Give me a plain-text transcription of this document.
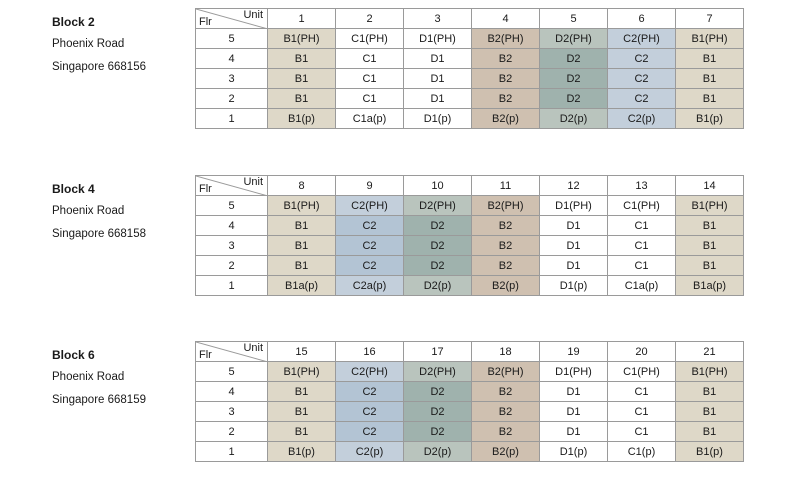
Block 2
Phoenix Road
Singapore 668156
Unit
Flr	1	2	3	4	5	6	7
5	B1(PH)	C1(PH)	D1(PH)	B2(PH)	D2(PH)	C2(PH)	B1(PH)
4	B1	C1	D1	B2	D2	C2	B1
3	B1	C1	D1	B2	D2	C2	B1
2	B1	C1	D1	B2	D2	C2	B1
1	B1(p)	C1a(p)	D1(p)	B2(p)	D2(p)	C2(p)	B1(p)
Block 4
Phoenix Road
Singapore 668158
Unit
Flr	8	9	10	11	12	13	14
5	B1(PH)	C2(PH)	D2(PH)	B2(PH)	D1(PH)	C1(PH)	B1(PH)
4	B1	C2	D2	B2	D1	C1	B1
3	B1	C2	D2	B2	D1	C1	B1
2	B1	C2	D2	B2	D1	C1	B1
1	B1a(p)	C2a(p)	D2(p)	B2(p)	D1(p)	C1a(p)	B1a(p)
Block 6
Phoenix Road
Singapore 668159
Unit
Flr	15	16	17	18	19	20	21
5	B1(PH)	C2(PH)	D2(PH)	B2(PH)	D1(PH)	C1(PH)	B1(PH)
4	B1	C2	D2	B2	D1	C1	B1
3	B1	C2	D2	B2	D1	C1	B1
2	B1	C2	D2	B2	D1	C1	B1
1	B1(p)	C2(p)	D2(p)	B2(p)	D1(p)	C1(p)	B1(p)
